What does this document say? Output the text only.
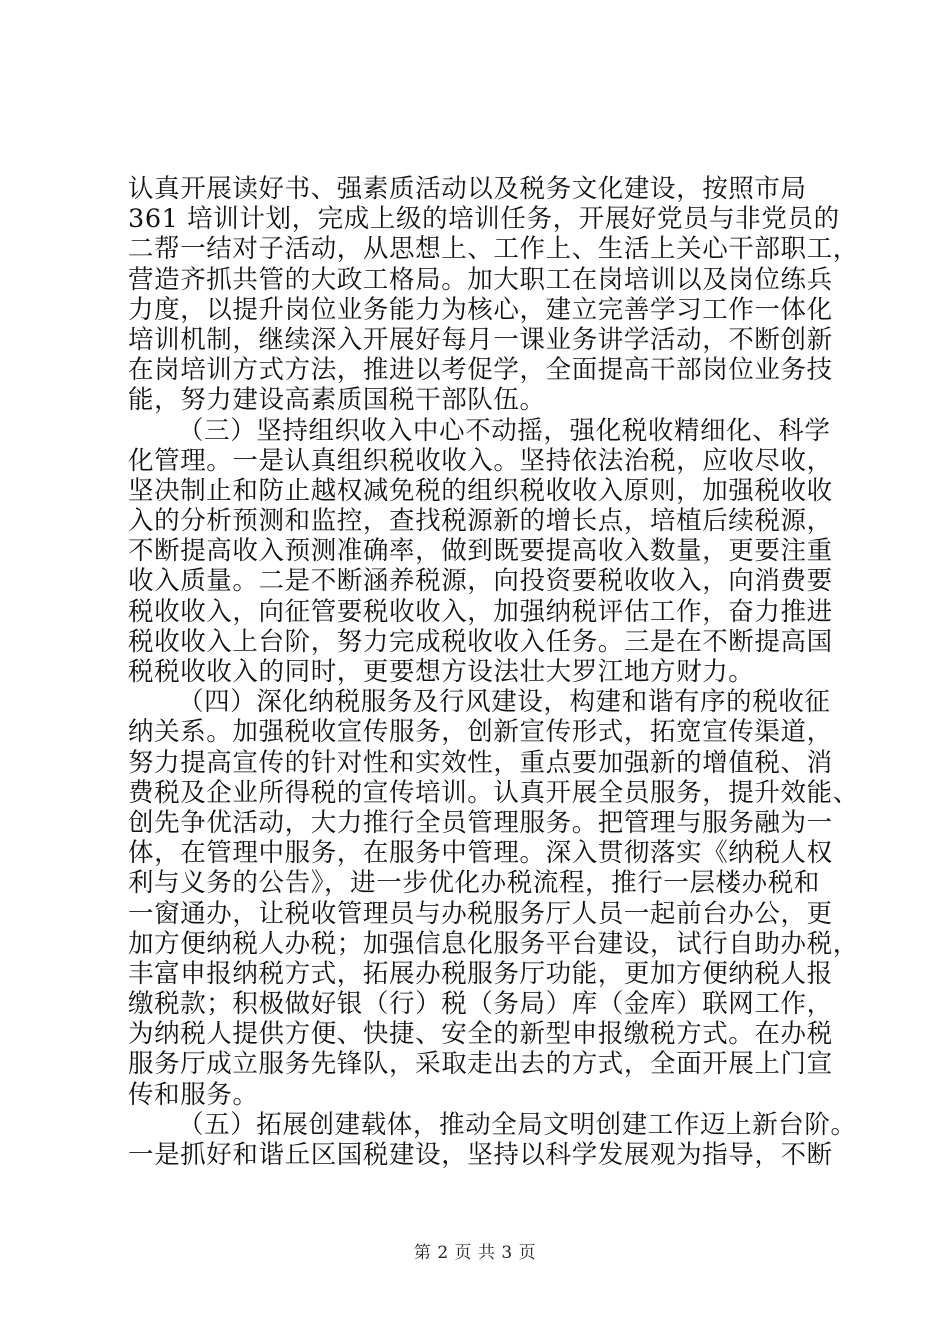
认真开展读好书、强素质活动以及税务文化建设，按照市局
361 培训计划，完成上级的培训任务，开展好党员与非党员的
二帮一结对子活动，从思想上、工作上、生活上关心干部职工，
营造齐抓共管的大政工格局。加大职工在岗培训以及岗位练兵
力度，以提升岗位业务能力为核心，建立完善学习工作一体化
培训机制，继续深入开展好每月一课业务讲学活动，不断创新
在岗培训方式方法，推进以考促学，全面提高干部岗位业务技
能，努力建设高素质国税干部队伍。
（三）坚持组织收入中心不动摇，强化税收精细化、科学
化管理。一是认真组织税收收入。坚持依法治税，应收尽收，
坚决制止和防止越权减免税的组织税收收入原则，加强税收收
入的分析预测和监控，查找税源新的增长点，培植后续税源，
不断提高收入预测准确率，做到既要提高收入数量，更要注重
收入质量。二是不断涵养税源，向投资要税收收入，向消费要
税收收入，向征管要税收收入，加强纳税评估工作，奋力推进
税收收入上台阶，努力完成税收收入任务。三是在不断提高国
税税收收入的同时，更要想方设法壮大罗江地方财力。
（四）深化纳税服务及行风建设，构建和谐有序的税收征
纳关系。加强税收宣传服务，创新宣传形式，拓宽宣传渠道，
努力提高宣传的针对性和实效性，重点要加强新的增值税、消
费税及企业所得税的宣传培训。认真开展全员服务，提升效能、
创先争优活动，大力推行全员管理服务。把管理与服务融为一
体，在管理中服务，在服务中管理。深入贯彻落实《纳税人权
利与义务的公告》，进一步优化办税流程，推行一层楼办税和
一窗通办，让税收管理员与办税服务厅人员一起前台办公，更
加方便纳税人办税；加强信息化服务平台建设，试行自助办税，
丰富申报纳税方式，拓展办税服务厅功能，更加方便纳税人报
缴税款；积极做好银（行）税（务局）库（金库）联网工作，
为纳税人提供方便、快捷、安全的新型申报缴税方式。在办税
服务厅成立服务先锋队，采取走出去的方式，全面开展上门宣
传和服务。
（五）拓展创建载体，推动全局文明创建工作迈上新台阶。
一是抓好和谐丘区国税建设，坚持以科学发展观为指导，不断
第 2 页 共 3 页
